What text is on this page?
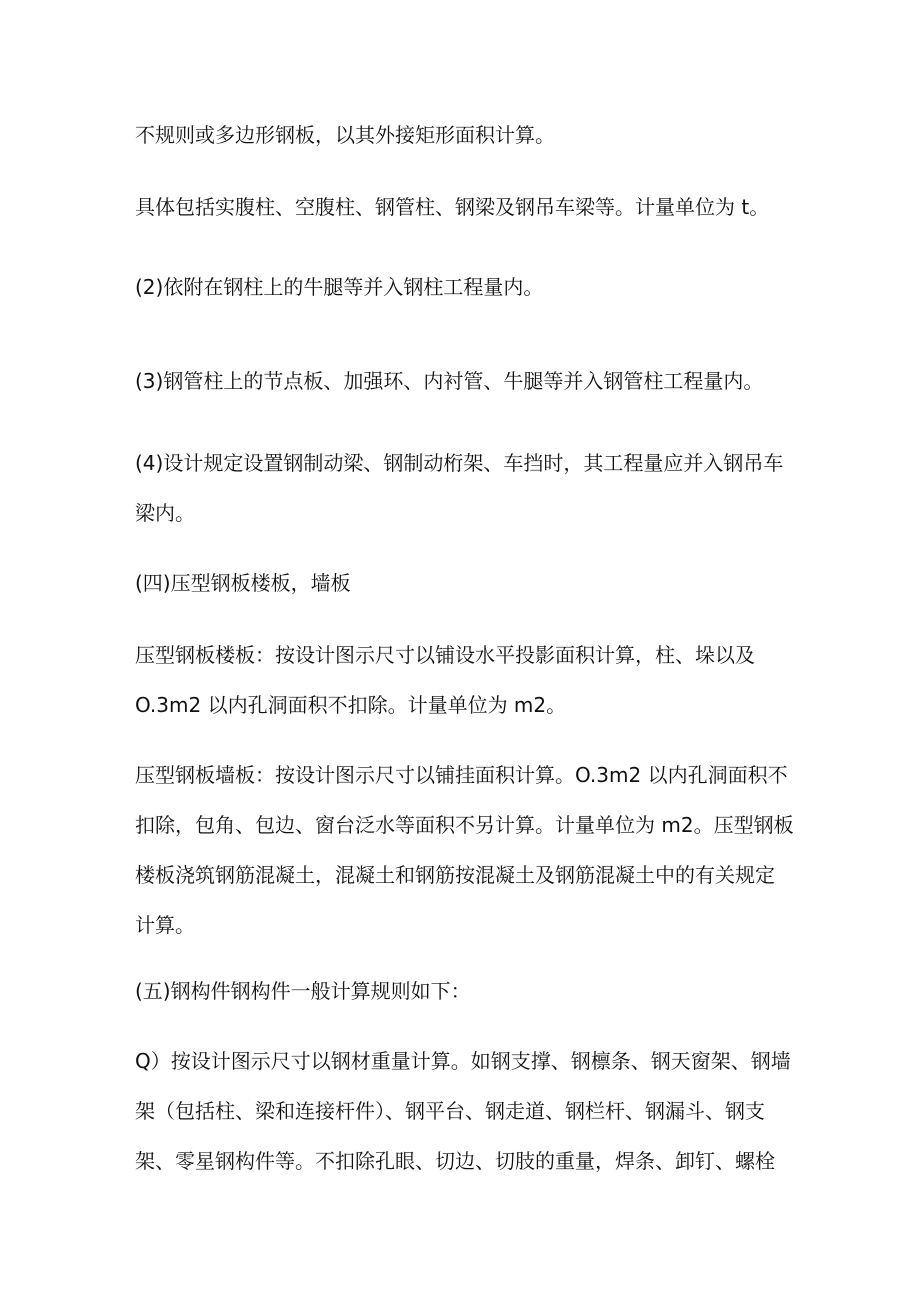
不规则或多边形钢板，以其外接矩形面积计算。
具体包括实腹柱、空腹柱、钢管柱、钢梁及钢吊车梁等。计量单位为 t。
(2)依附在钢柱上的牛腿等并入钢柱工程量内。
(3)钢管柱上的节点板、加强环、内衬管、牛腿等并入钢管柱工程量内。
(4)设计规定设置钢制动梁、钢制动桁架、车挡时，其工程量应并入钢吊车
梁内。
(四)压型钢板楼板，墙板
压型钢板楼板：按设计图示尺寸以铺设水平投影面积计算，柱、垛以及
O.3m2 以内孔洞面积不扣除。计量单位为 m2。
压型钢板墙板：按设计图示尺寸以铺挂面积计算。O.3m2 以内孔洞面积不
扣除，包角、包边、窗台泛水等面积不另计算。计量单位为 m2。压型钢板
楼板浇筑钢筋混凝土，混凝土和钢筋按混凝土及钢筋混凝土中的有关规定
计算。
(五)钢构件钢构件一般计算规则如下：
Q）按设计图示尺寸以钢材重量计算。如钢支撑、钢檩条、钢天窗架、钢墙
架（包括柱、梁和连接杆件）、钢平台、钢走道、钢栏杆、钢漏斗、钢支
架、零星钢构件等。不扣除孔眼、切边、切肢的重量，焊条、卸钉、螺栓
